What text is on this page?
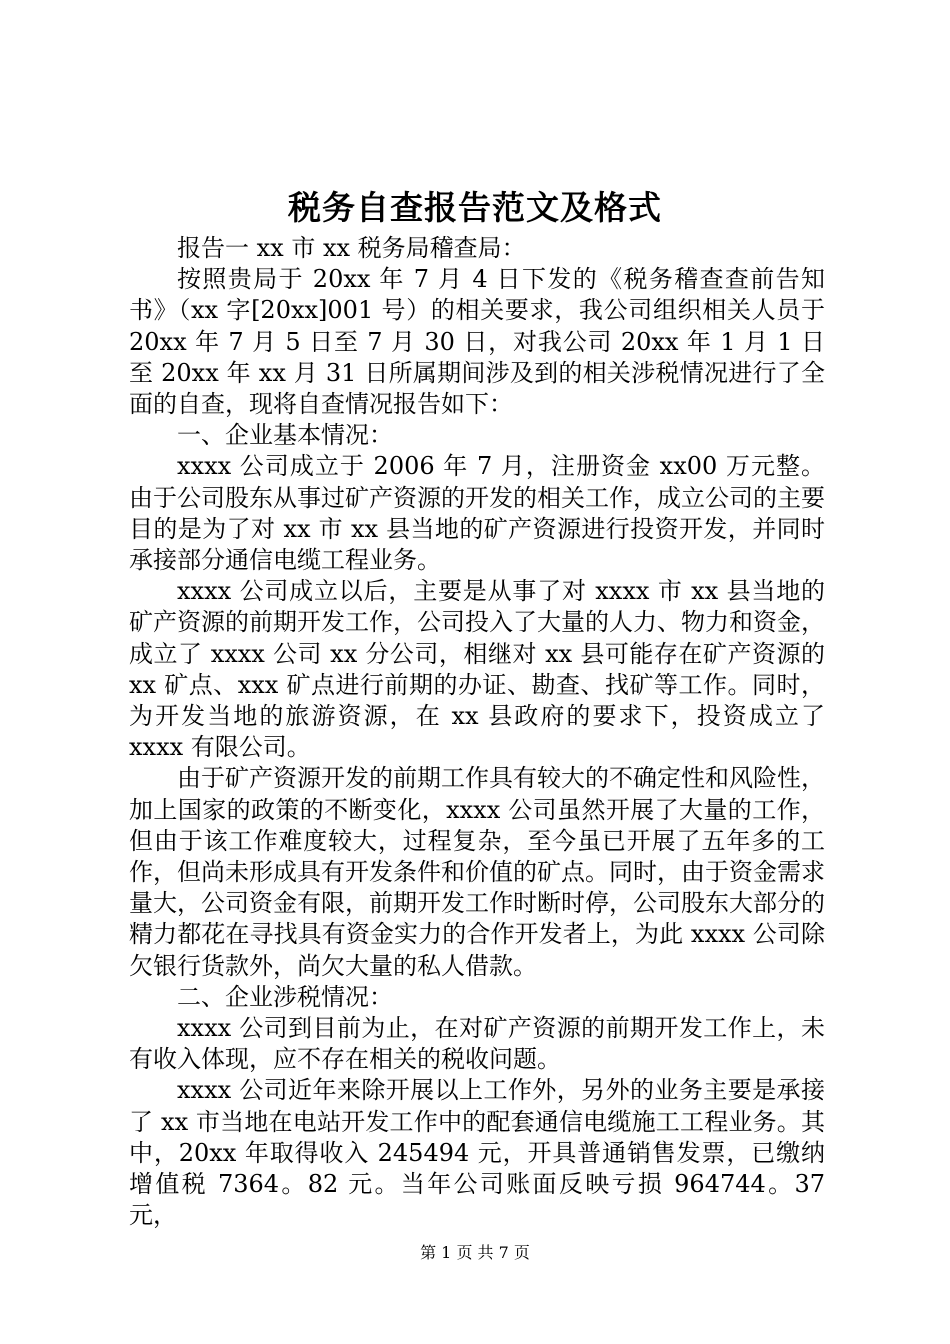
税务自查报告范文及格式

报告一 xx 市 xx 税务局稽查局：

按照贵局于 20xx 年 7 月 4 日下发的《税务稽查查前告知书》（xx 字[20xx]001 号）的相关要求，我公司组织相关人员于 20xx 年 7 月 5 日至 7 月 30 日，对我公司 20xx 年 1 月 1 日至 20xx 年 xx 月 31 日所属期间涉及到的相关涉税情况进行了全面的自查，现将自查情况报告如下：

一、企业基本情况：

xxxx 公司成立于 2006 年 7 月，注册资金 xx00 万元整。由于公司股东从事过矿产资源的开发的相关工作，成立公司的主要目的是为了对 xx 市 xx 县当地的矿产资源进行投资开发，并同时承接部分通信电缆工程业务。

xxxx 公司成立以后，主要是从事了对 xxxx 市 xx 县当地的矿产资源的前期开发工作，公司投入了大量的人力、物力和资金，成立了 xxxx 公司 xx 分公司，相继对 xx 县可能存在矿产资源的 xx 矿点、xxx 矿点进行前期的办证、勘查、找矿等工作。同时，为开发当地的旅游资源，在 xx 县政府的要求下，投资成立了 xxxx 有限公司。

由于矿产资源开发的前期工作具有较大的不确定性和风险性，加上国家的政策的不断变化，xxxx 公司虽然开展了大量的工作，但由于该工作难度较大，过程复杂，至今虽已开展了五年多的工作，但尚未形成具有开发条件和价值的矿点。同时，由于资金需求量大，公司资金有限，前期开发工作时断时停，公司股东大部分的精力都花在寻找具有资金实力的合作开发者上，为此 xxxx 公司除欠银行货款外，尚欠大量的私人借款。

二、企业涉税情况：

xxxx 公司到目前为止，在对矿产资源的前期开发工作上，未有收入体现，应不存在相关的税收问题。

xxxx 公司近年来除开展以上工作外，另外的业务主要是承接了 xx 市当地在电站开发工作中的配套通信电缆施工工程业务。其中，20xx 年取得收入 245494 元，开具普通销售发票，已缴纳增值税 7364。82 元。当年公司账面反映亏损 964744。37 元，

第 1 页 共 7 页
